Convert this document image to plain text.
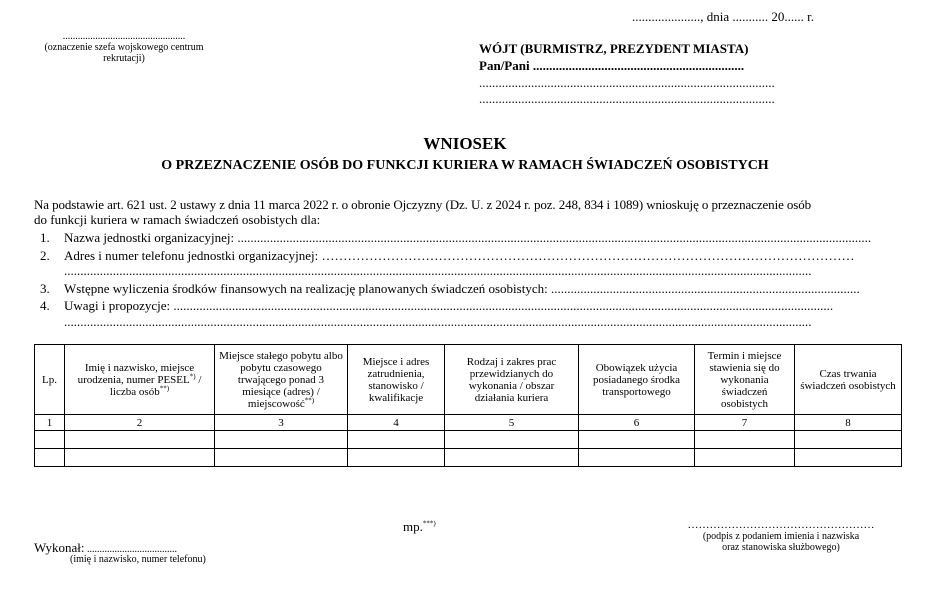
....................., dnia ........... 20...... r.
.................................................
(oznaczenie szefa wojskowego centrum
rekrutacji)
WÓJT (BURMISTRZ, PREZYDENT MIASTA)
Pan/Pani .................................................................
...........................................................................................
...........................................................................................
WNIOSEK
O PRZEZNACZENIE OSÓB DO FUNKCJI KURIERA W RAMACH ŚWIADCZEŃ OSOBISTYCH
Na podstawie art. 621 ust. 2 ustawy z dnia 11 marca 2022 r. o obronie Ojczyzny (Dz. U. z 2024 r. poz. 248, 834 i 1089) wnioskuję o przeznaczenie osób
do funkcji kuriera w ramach świadczeń osobistych dla:
1. Nazwa jednostki organizacyjnej: ...................................................................................................................................................................................................
2. Adres i numer telefonu jednostki organizacyjnej: ……………………………………………………………………………………………………………
......................................................................................................................................................................................................................................
3. Wstępne wyliczenia środków finansowych na realizację planowanych świadczeń osobistych: ...............................................................................................
4. Uwagi i propozycje: ...........................................................................................................................................................................................................
......................................................................................................................................................................................................................................
Lp.	Imię i nazwisko, miejsce urodzenia, numer PESEL*) / liczba osób**)	Miejsce stałego pobytu albo pobytu czasowego trwającego ponad 3 miesiące (adres) / miejscowość**)	Miejsce i adres zatrudnienia, stanowisko / kwalifikacje	Rodzaj i zakres prac przewidzianych do wykonania / obszar działania kuriera	Obowiązek użycia posiadanego środka transportowego	Termin i miejsce stawienia się do wykonania świadczeń osobistych	Czas trwania świadczeń osobistych
1	2	3	4	5	6	7	8

mp.***)	……………………………………………
(podpis z podaniem imienia i nazwiska
oraz stanowiska służbowego)
Wykonał: ....................................
(imię i nazwisko, numer telefonu)
